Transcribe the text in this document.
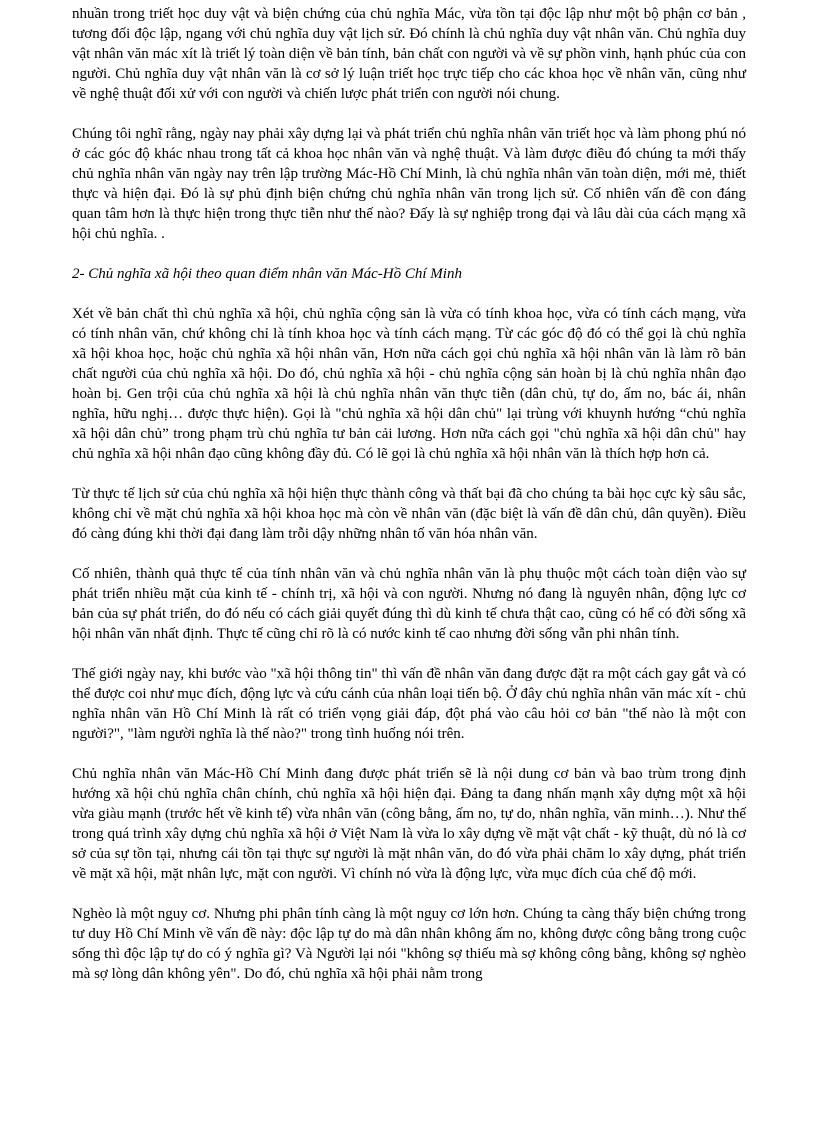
nhuần trong triết học duy vật và biện chứng của chủ nghĩa Mác, vừa tồn tại độc lập như một bộ phận cơ bản , tương đối độc lập, ngang với chủ nghĩa duy vật lịch sử. Đó chính là chủ nghĩa duy vật nhân văn. Chủ nghĩa duy vật nhân văn mác xít là triết lý toàn diện về bản tính, bản chất con người và về sự phồn vinh, hạnh phúc của con người. Chủ nghĩa duy vật nhân văn là cơ sở lý luận triết học trực tiếp cho các khoa học về nhân văn, cũng như về nghệ thuật đối xử với con người và chiến lược phát triển con người nói chung.

Chúng tôi nghĩ rằng, ngày nay phải xây dựng lại và phát triển chủ nghĩa nhân văn triết học và làm phong phú nó ở các góc độ khác nhau trong tất cả khoa học nhân văn và nghệ thuật. Và làm được điều đó chúng ta mới thấy chủ nghĩa nhân văn ngày nay trên lập trường Mác-Hồ Chí Minh, là chủ nghĩa nhân văn toàn diện, mới mẻ, thiết thực và hiện đại. Đó là sự phủ định biện chứng chủ nghĩa nhân văn trong lịch sử. Cố nhiên vấn đề con đáng quan tâm hơn là thực hiện trong thực tiễn như thế nào? Đấy là sự nghiệp trong đại và lâu dài của cách mạng xã hội chủ nghĩa. .

2- Chủ nghĩa xã hội theo quan điểm nhân văn Mác-Hồ Chí Minh

Xét về bản chất thì chủ nghĩa xã hội, chủ nghĩa cộng sản là vừa có tính khoa học, vừa có tính cách mạng, vừa có tính nhân văn, chứ không chỉ là tính khoa học và tính cách mạng. Từ các góc độ đó có thể gọi là chủ nghĩa xã hội khoa học, hoặc chủ nghĩa xã hội nhân văn, Hơn nữa cách gọi chủ nghĩa xã hội nhân văn là làm rõ bản chất người của chủ nghĩa xã hội. Do đó, chủ nghĩa xã hội - chủ nghĩa cộng sản hoàn bị là chủ nghĩa nhân đạo hoàn bị. Gen trội của chủ nghĩa xã hội là chủ nghĩa nhân văn thực tiễn (dân chủ, tự do, ấm no, bác ái, nhân nghĩa, hữu nghị… được thực hiện). Gọi là "chủ nghĩa xã hội dân chủ" lại trùng với khuynh hướng “chủ nghĩa xã hội dân chủ” trong phạm trù chủ nghĩa tư bản cải lương. Hơn nữa cách gọi "chủ nghĩa xã hội dân chủ" hay chủ nghĩa xã hội nhân đạo cũng không đầy đủ. Có lẽ gọi là chủ nghĩa xã hội nhân văn là thích hợp hơn cả.

Từ thực tế lịch sử của chủ nghĩa xã hội hiện thực thành công và thất bại đã cho chúng ta bài học cực kỳ sâu sắc, không chỉ về mặt chủ nghĩa xã hội khoa học mà còn về nhân văn (đặc biệt là vấn đề dân chủ, dân quyền). Điều đó càng đúng khi thời đại đang làm trỗi dậy những nhân tố văn hóa nhân văn.

Cố nhiên, thành quả thực tế của tính nhân văn và chủ nghĩa nhân văn là phụ thuộc một cách toàn diện vào sự phát triển nhiều mặt của kinh tế - chính trị, xã hội và con người. Nhưng nó đang là nguyên nhân, động lực cơ bản của sự phát triển, do đó nếu có cách giải quyết đúng thì dù kinh tế chưa thật cao, cũng có hể có đời sống xã hội nhân văn nhất định. Thực tế cũng chỉ rõ là có nước kinh tế cao nhưng đời sống vẫn phi nhân tính.

Thế giới ngày nay, khi bước vào "xã hội thông tin" thì vấn đề nhân văn đang được đặt ra một cách gay gắt và có thể được coi như mục đích, động lực và cứu cánh của nhân loại tiến bộ. Ở đây chủ nghĩa nhân văn mác xít - chủ nghĩa nhân văn Hồ Chí Minh là rất có triển vọng giải đáp, đột phá vào câu hỏi cơ bản "thế nào là một con người?", "làm người nghĩa là thế nào?" trong tình huống nói trên.

Chủ nghĩa nhân văn Mác-Hồ Chí Minh đang được phát triển sẽ là nội dung cơ bản và bao trùm trong định hướng xã hội chủ nghĩa chân chính, chủ nghĩa xã hội hiện đại. Đảng ta đang nhấn mạnh xây dựng một xã hội vừa giàu mạnh (trước hết về kinh tế) vừa nhân văn (công bằng, ấm no, tự do, nhân nghĩa, văn minh…). Như thế trong quá trình xây dựng chủ nghĩa xã hội ở Việt Nam là vừa lo xây dựng về mặt vật chất - kỹ thuật, dù nó là cơ sở của sự tồn tại, nhưng cái tồn tại thực sự người là mặt nhân văn, do đó vừa phải chăm lo xây dựng, phát triển về mặt xã hội, mặt nhân lực, mặt con người. Vì chính nó vừa là động lực, vừa mục đích của chế độ mới.

Nghèo là một nguy cơ. Nhưng phi phân tính càng là một nguy cơ lớn hơn. Chúng ta càng thấy biện chứng trong tư duy Hồ Chí Minh về vấn đề này: độc lập tự do mà dân nhân không ấm no, không được công bằng trong cuộc sống thì độc lập tự do có ý nghĩa gì? Và Người lại nói "không sợ thiếu mà sợ không công bằng, không sợ nghèo mà sợ lòng dân không yên". Do đó, chủ nghĩa xã hội phải nằm trong
